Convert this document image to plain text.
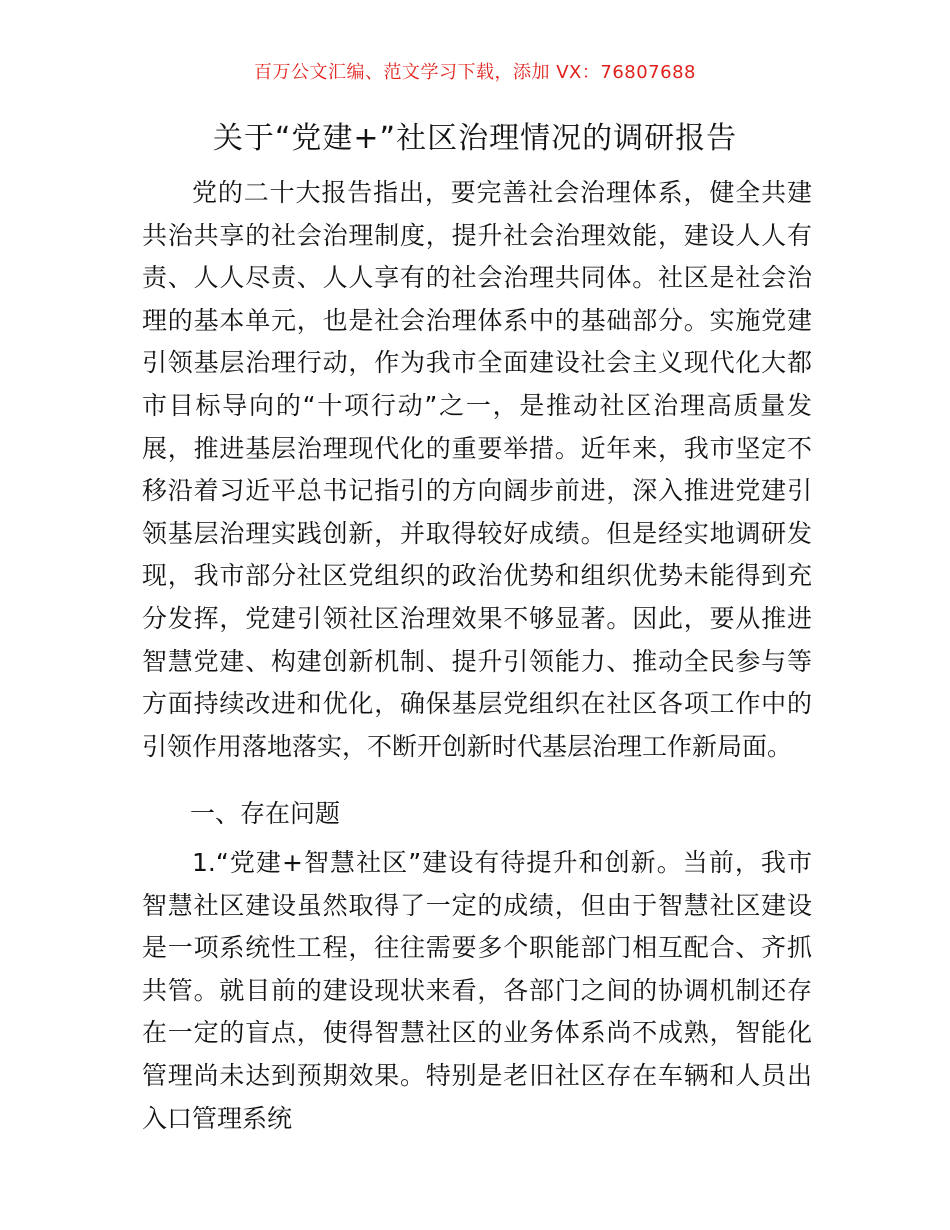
百万公文汇编、范文学习下载，添加 VX：76807688
关于“党建+”社区治理情况的调研报告

党的二十大报告指出，要完善社会治理体系，健全共建共治共享的社会治理制度，提升社会治理效能，建设人人有责、人人尽责、人人享有的社会治理共同体。社区是社会治理的基本单元，也是社会治理体系中的基础部分。实施党建引领基层治理行动，作为我市全面建设社会主义现代化大都市目标导向的“十项行动”之一，是推动社区治理高质量发展，推进基层治理现代化的重要举措。近年来，我市坚定不移沿着习近平总书记指引的方向阔步前进，深入推进党建引领基层治理实践创新，并取得较好成绩。但是经实地调研发现，我市部分社区党组织的政治优势和组织优势未能得到充分发挥，党建引领社区治理效果不够显著。因此，要从推进智慧党建、构建创新机制、提升引领能力、推动全民参与等方面持续改进和优化，确保基层党组织在社区各项工作中的引领作用落地落实，不断开创新时代基层治理工作新局面。

一、存在问题

1.“党建+智慧社区”建设有待提升和创新。当前，我市智慧社区建设虽然取得了一定的成绩，但由于智慧社区建设是一项系统性工程，往往需要多个职能部门相互配合、齐抓共管。就目前的建设现状来看，各部门之间的协调机制还存在一定的盲点，使得智慧社区的业务体系尚不成熟，智能化管理尚未达到预期效果。特别是老旧社区存在车辆和人员出入口管理系统
